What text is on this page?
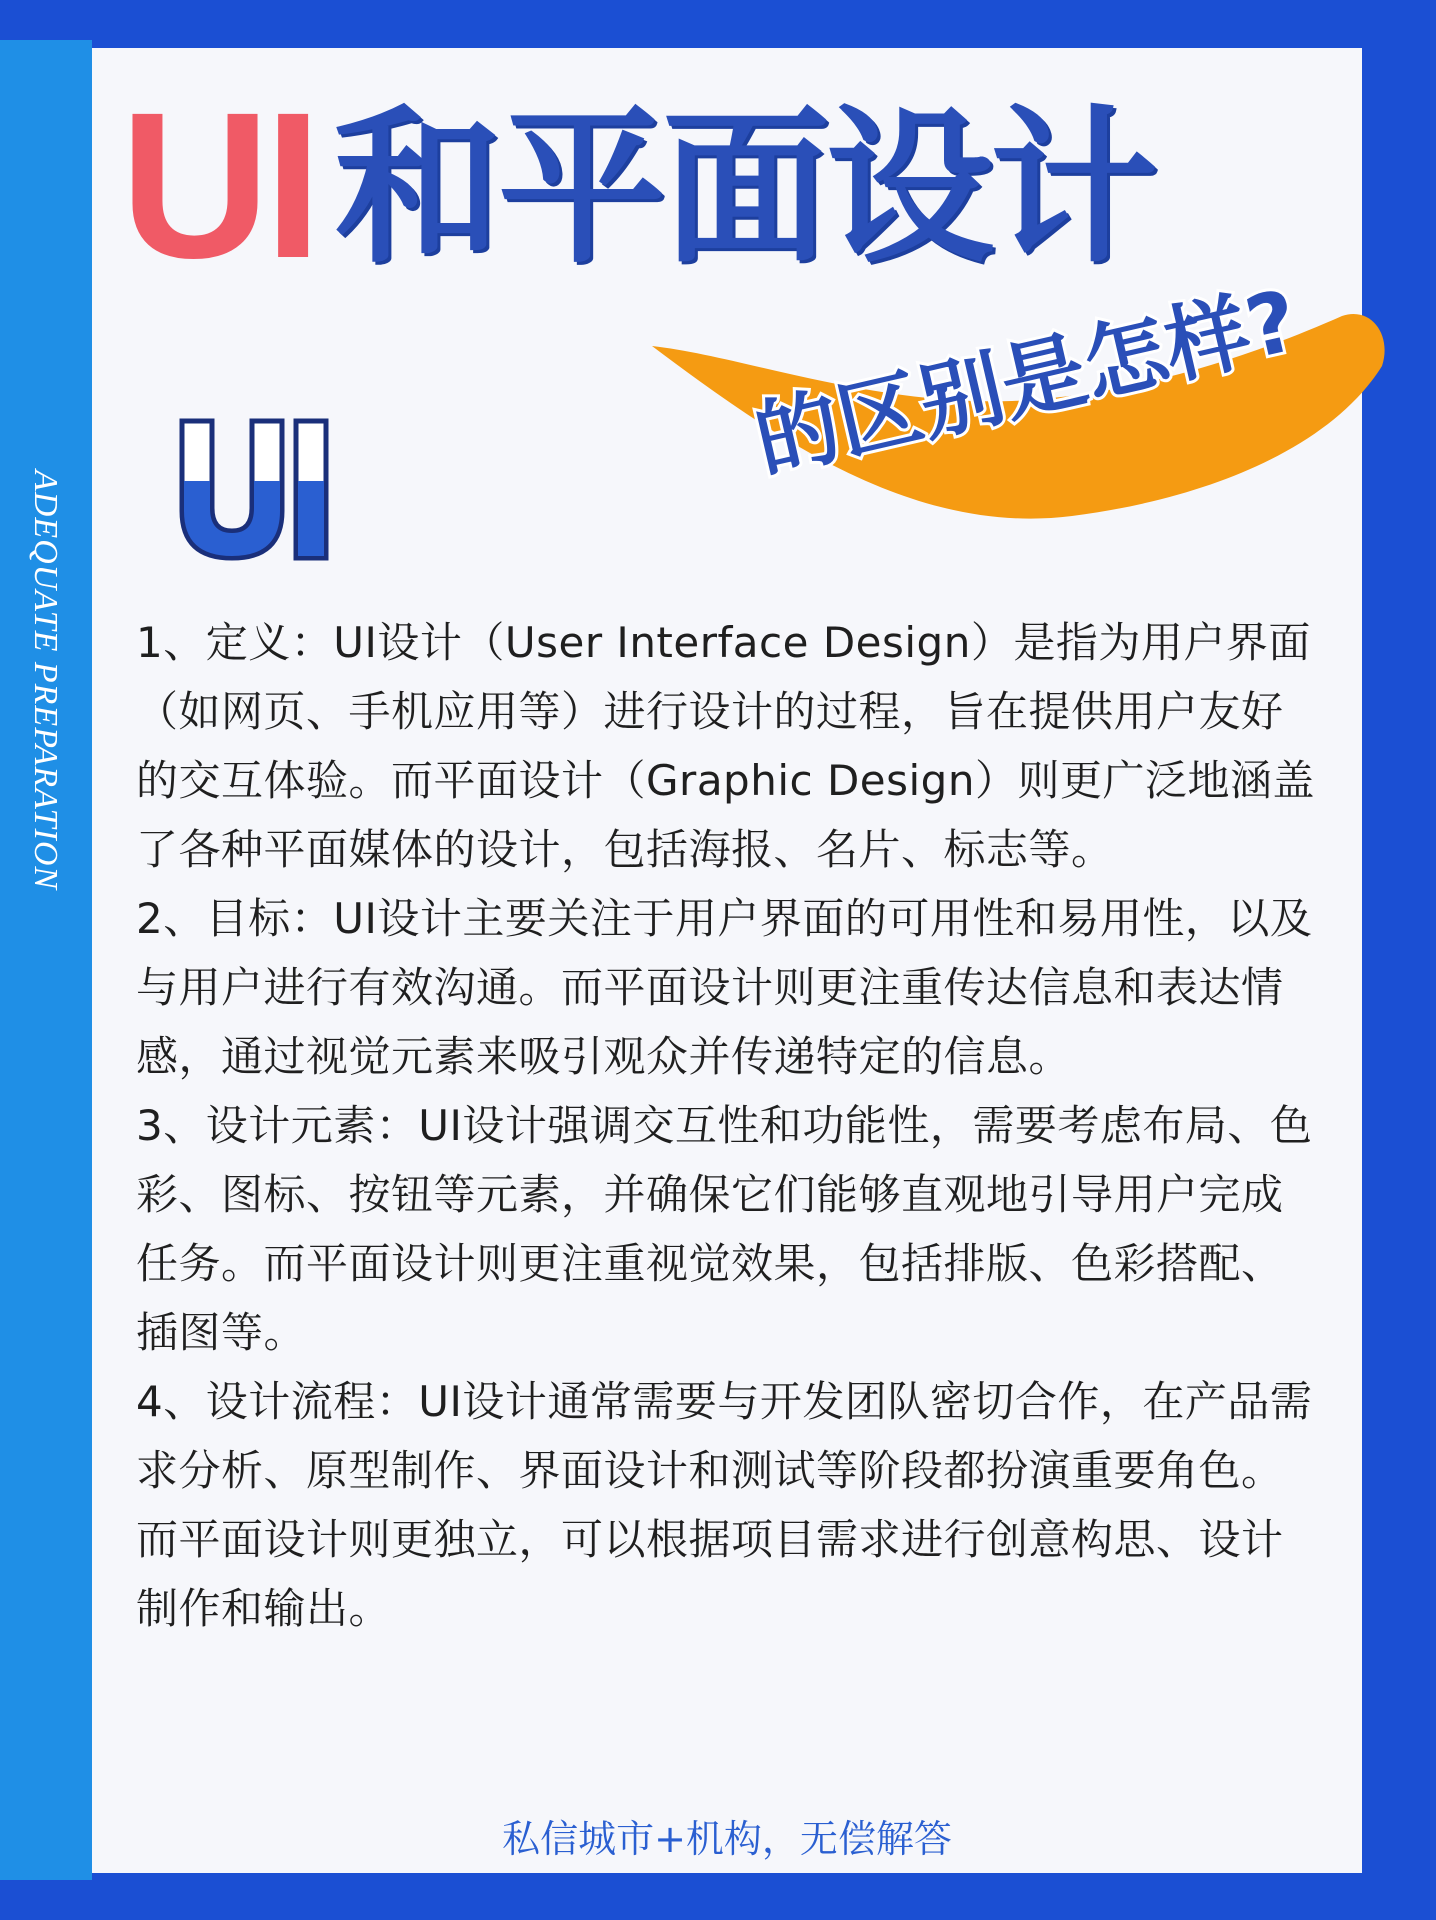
ADEQUATE PREPARATION
UI 和平面设计
的区别是怎样?

1、定义：UI设计（User Interface Design）是指为用户界面（如网页、手机应用等）进行设计的过程，旨在提供用户友好的交互体验。而平面设计（Graphic Design）则更广泛地涵盖了各种平面媒体的设计，包括海报、名片、标志等。

2、目标：UI设计主要关注于用户界面的可用性和易用性，以及与用户进行有效沟通。而平面设计则更注重传达信息和表达情感，通过视觉元素来吸引观众并传递特定的信息。

3、设计元素：UI设计强调交互性和功能性，需要考虑布局、色彩、图标、按钮等元素，并确保它们能够直观地引导用户完成任务。而平面设计则更注重视觉效果，包括排版、色彩搭配、插图等。

4、设计流程：UI设计通常需要与开发团队密切合作，在产品需求分析、原型制作、界面设计和测试等阶段都扮演重要角色。而平面设计则更独立，可以根据项目需求进行创意构思、设计制作和输出。

私信城市+机构，无偿解答
